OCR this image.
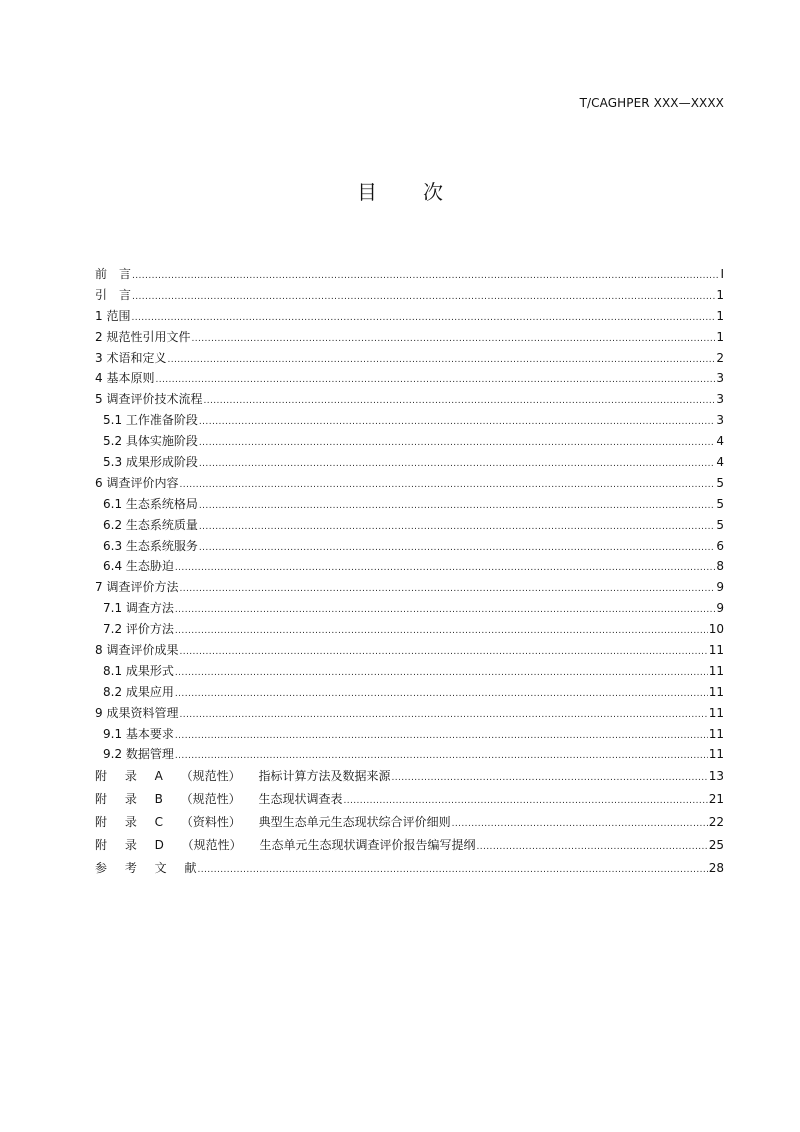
T/CAGHPER XXX—XXXX
目 次
前　言 .....	I
引　言 .....	1
1 范围 .....	1
2 规范性引用文件 .....	1
3 术语和定义 .....	2
4 基本原则 .....	3
5 调查评价技术流程 .....	3
5.1 工作准备阶段 .....	3
5.2 具体实施阶段 .....	4
5.3 成果形成阶段 .....	4
6 调查评价内容 .....	5
6.1 生态系统格局 .....	5
6.2 生态系统质量 .....	5
6.3 生态系统服务 .....	6
6.4 生态胁迫 .....	8
7 调查评价方法 .....	9
7.1 调查方法 .....	9
7.2 评价方法 .....	10
8 调查评价成果 .....	11
8.1 成果形式 .....	11
8.2 成果应用 .....	11
9 成果资料管理 .....	11
9.1 基本要求 .....	11
9.2 数据管理 .....	11
附 录 A （规范性） 指标计算方法及数据来源 .....	13
附 录 B （规范性） 生态现状调查表 .....	21
附 录 C （资料性） 典型生态单元生态现状综合评价细则 .....	22
附 录 D （规范性） 生态单元生态现状调查评价报告编写提纲 .....	25
参 考 文 献 .....	28
